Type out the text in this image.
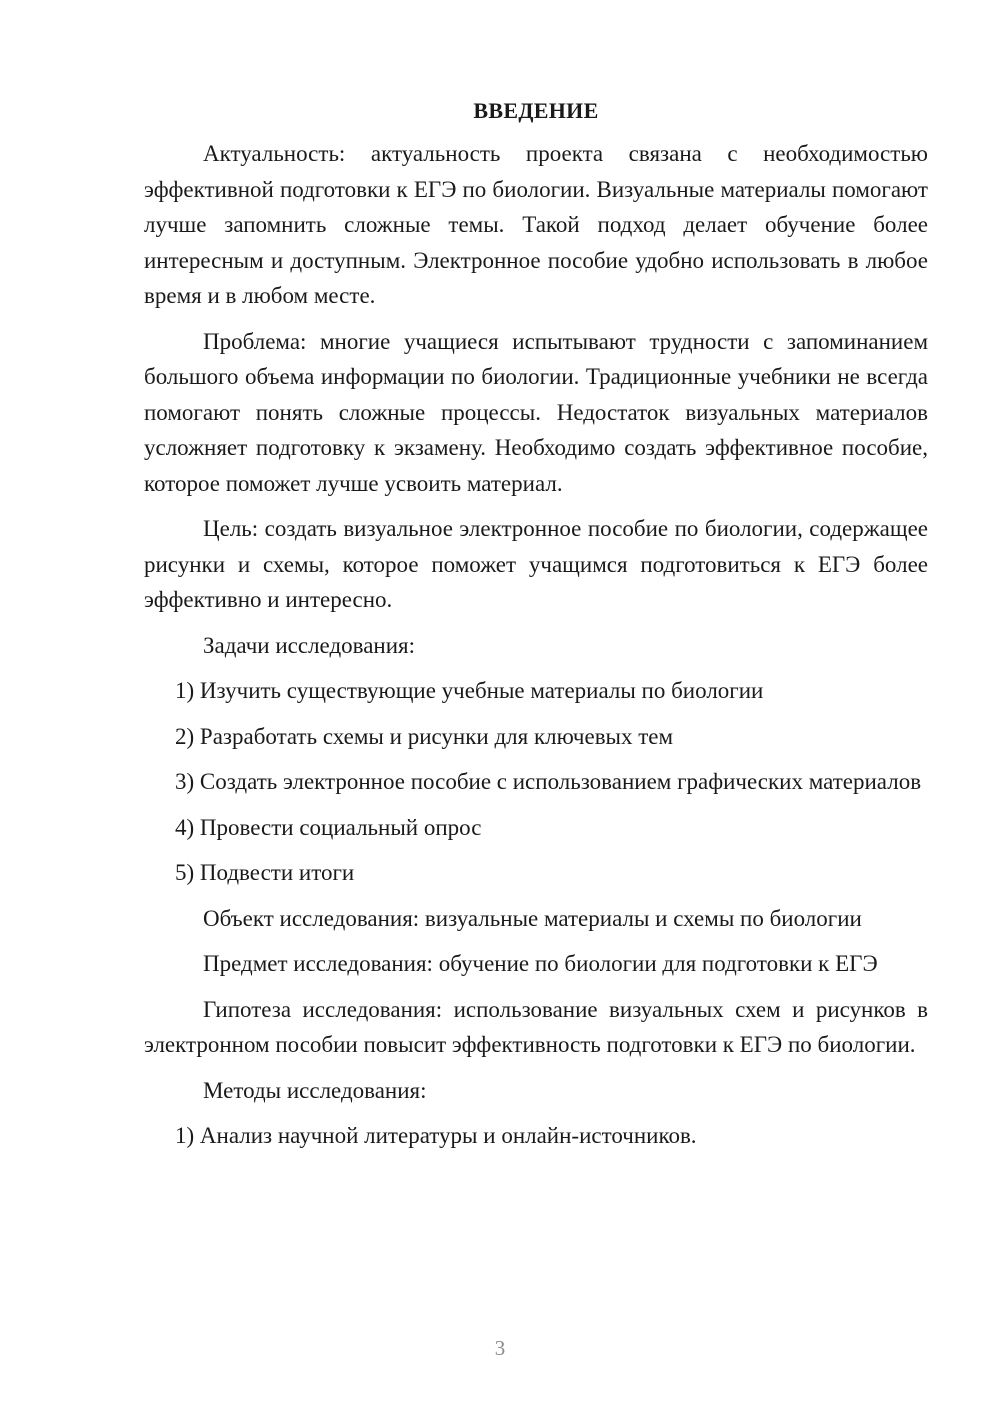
ВВЕДЕНИЕ
Актуальность: актуальность проекта связана с необходимостью эффективной подготовки к ЕГЭ по биологии. Визуальные материалы помогают лучше запомнить сложные темы. Такой подход делает обучение более интересным и доступным. Электронное пособие удобно использовать в любое время и в любом месте.
Проблема: многие учащиеся испытывают трудности с запоминанием большого объема информации по биологии. Традиционные учебники не всегда помогают понять сложные процессы. Недостаток визуальных материалов усложняет подготовку к экзамену. Необходимо создать эффективное пособие, которое поможет лучше усвоить материал.
Цель: создать визуальное электронное пособие по биологии, содержащее рисунки и схемы, которое поможет учащимся подготовиться к ЕГЭ более эффективно и интересно.
Задачи исследования:
1) Изучить существующие учебные материалы по биологии
2) Разработать схемы и рисунки для ключевых тем
3) Создать электронное пособие с использованием графических материалов
4) Провести социальный опрос
5) Подвести итоги
Объект исследования: визуальные материалы и схемы по биологии
Предмет исследования: обучение по биологии для подготовки к ЕГЭ
Гипотеза исследования: использование визуальных схем и рисунков в электронном пособии повысит эффективность подготовки к ЕГЭ по биологии.
Методы исследования:
1) Анализ научной литературы и онлайн-источников.
3
